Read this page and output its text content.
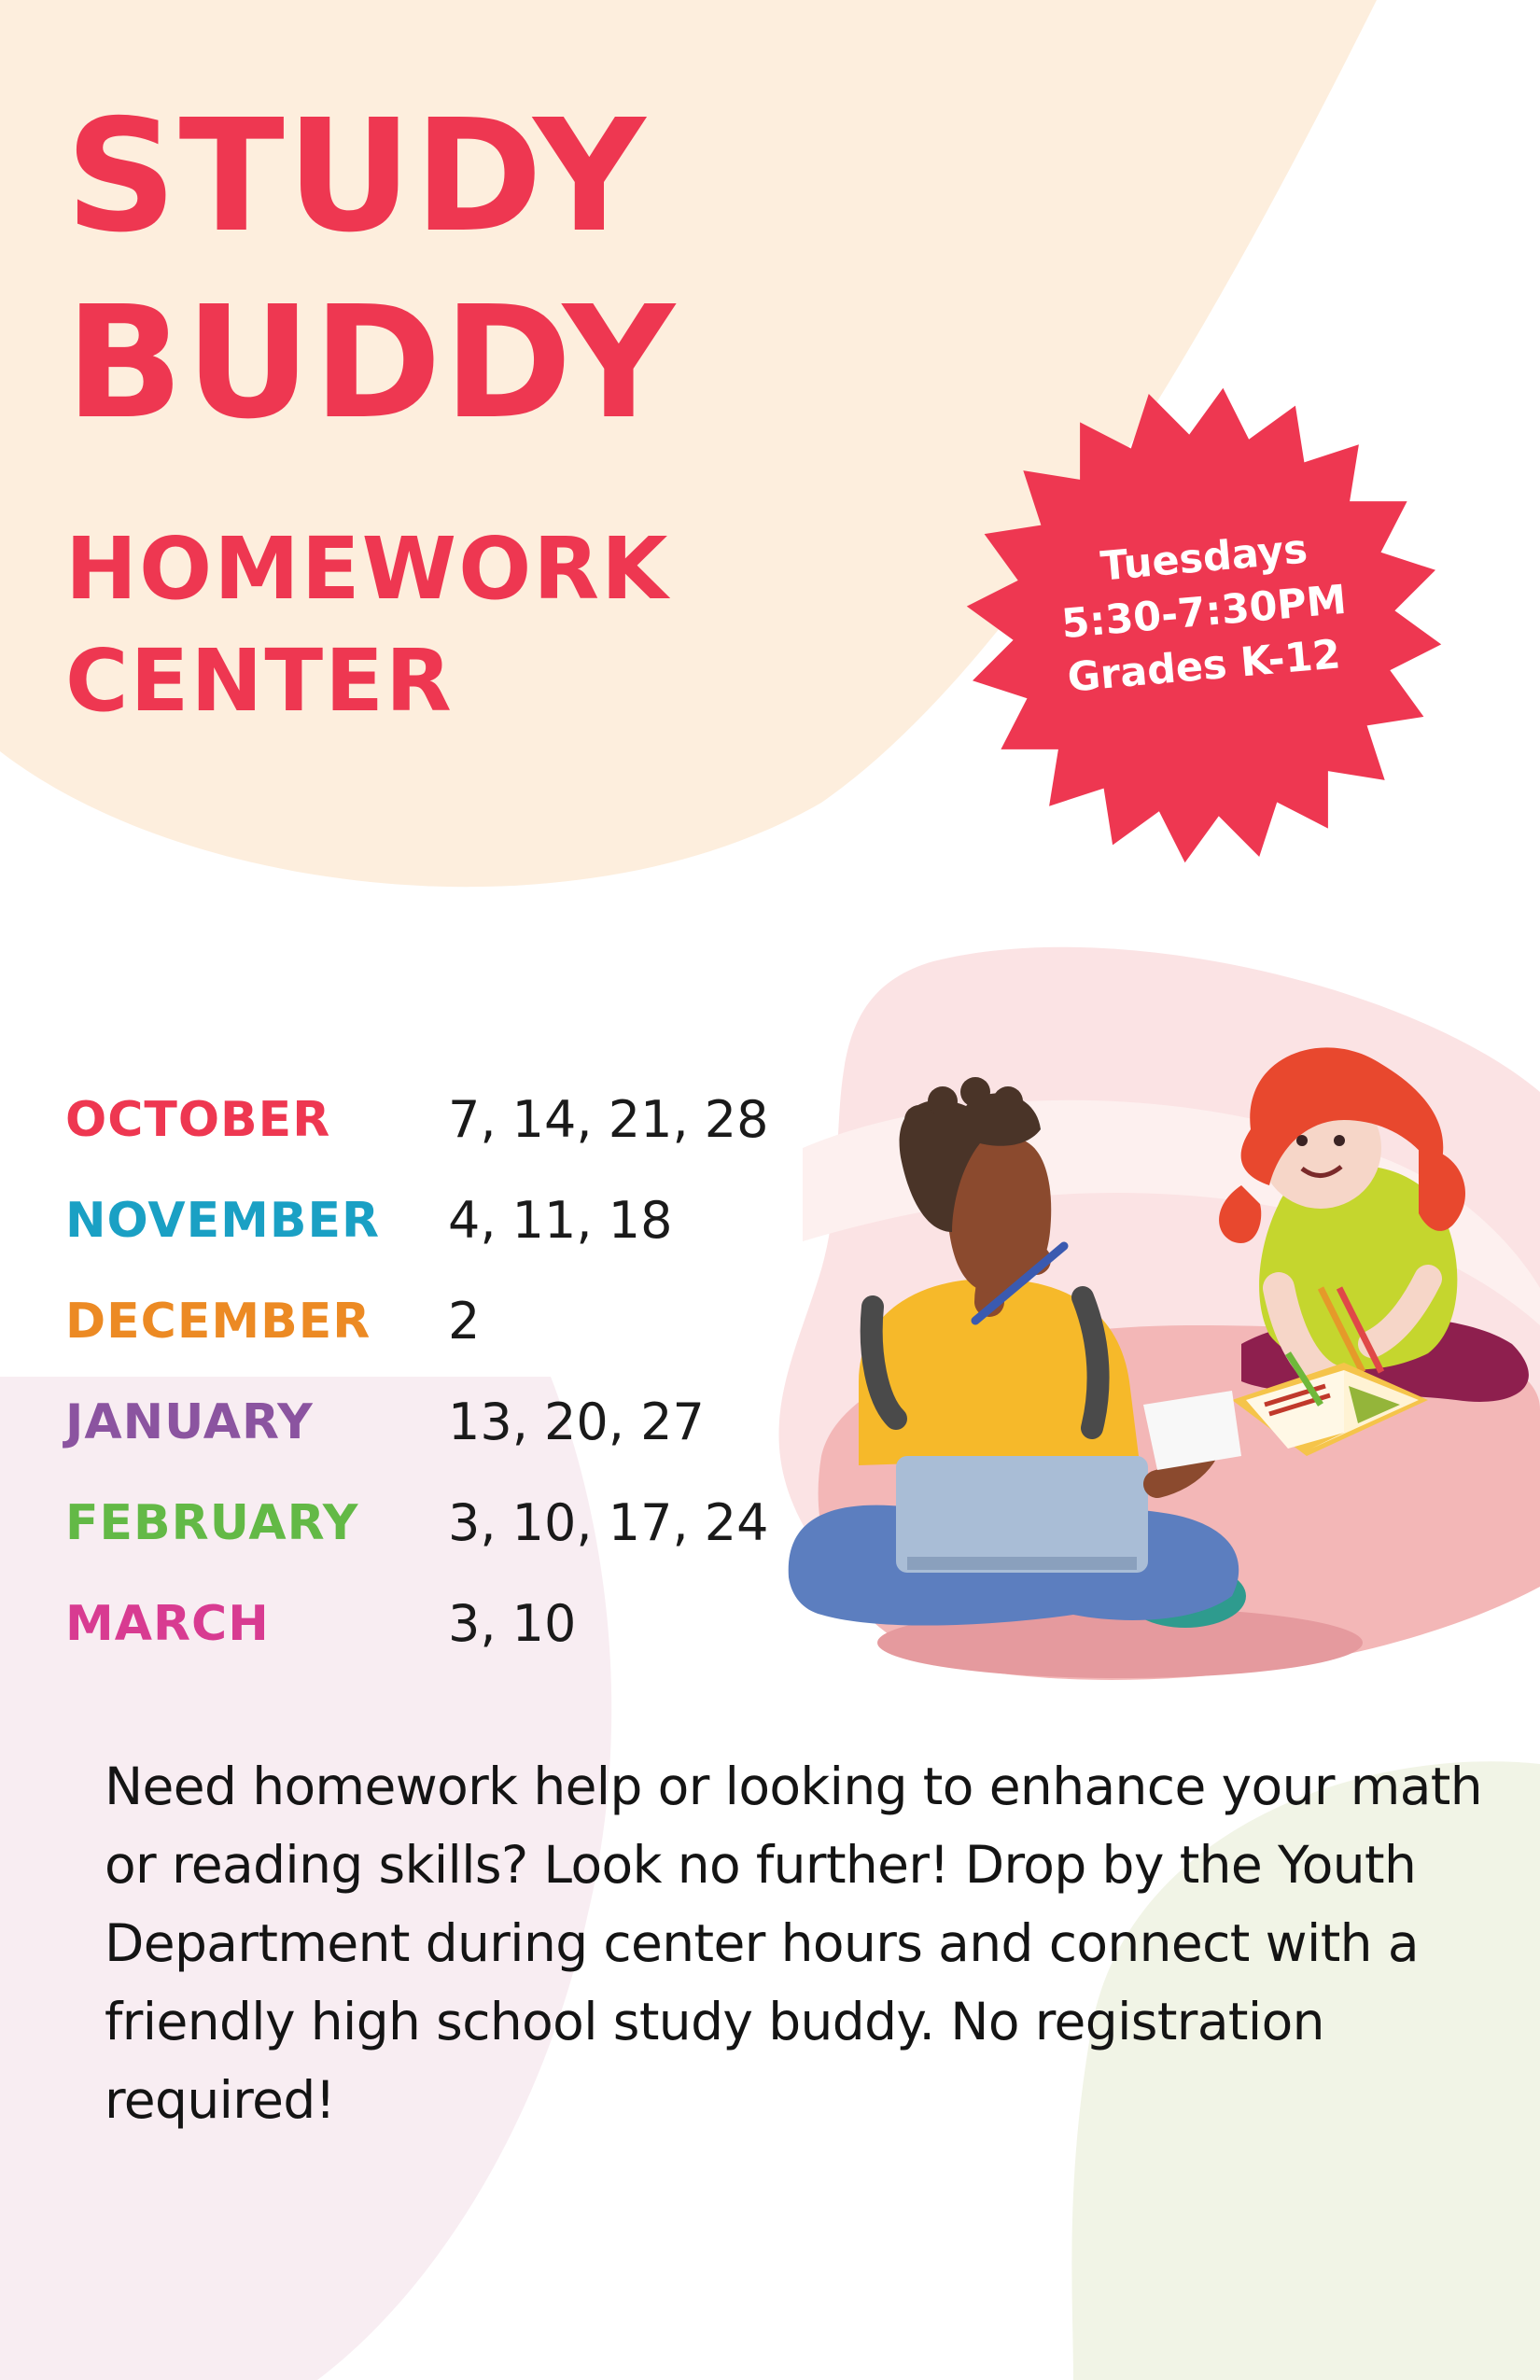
STUDY
BUDDY
HOMEWORK
CENTER
Tuesdays
5:30-7:30PM
Grades K-12
OCTOBER 7, 14, 21, 28
NOVEMBER 4, 11, 18
DECEMBER 2
JANUARY	13, 20, 27
FEBRUARY 3, 10, 17, 24
MARCH	3, 10

Need homework help or looking to enhance your math or reading skills? Look no further! Drop by the Youth Department during center hours and connect with a friendly high school study buddy. No registration required!
